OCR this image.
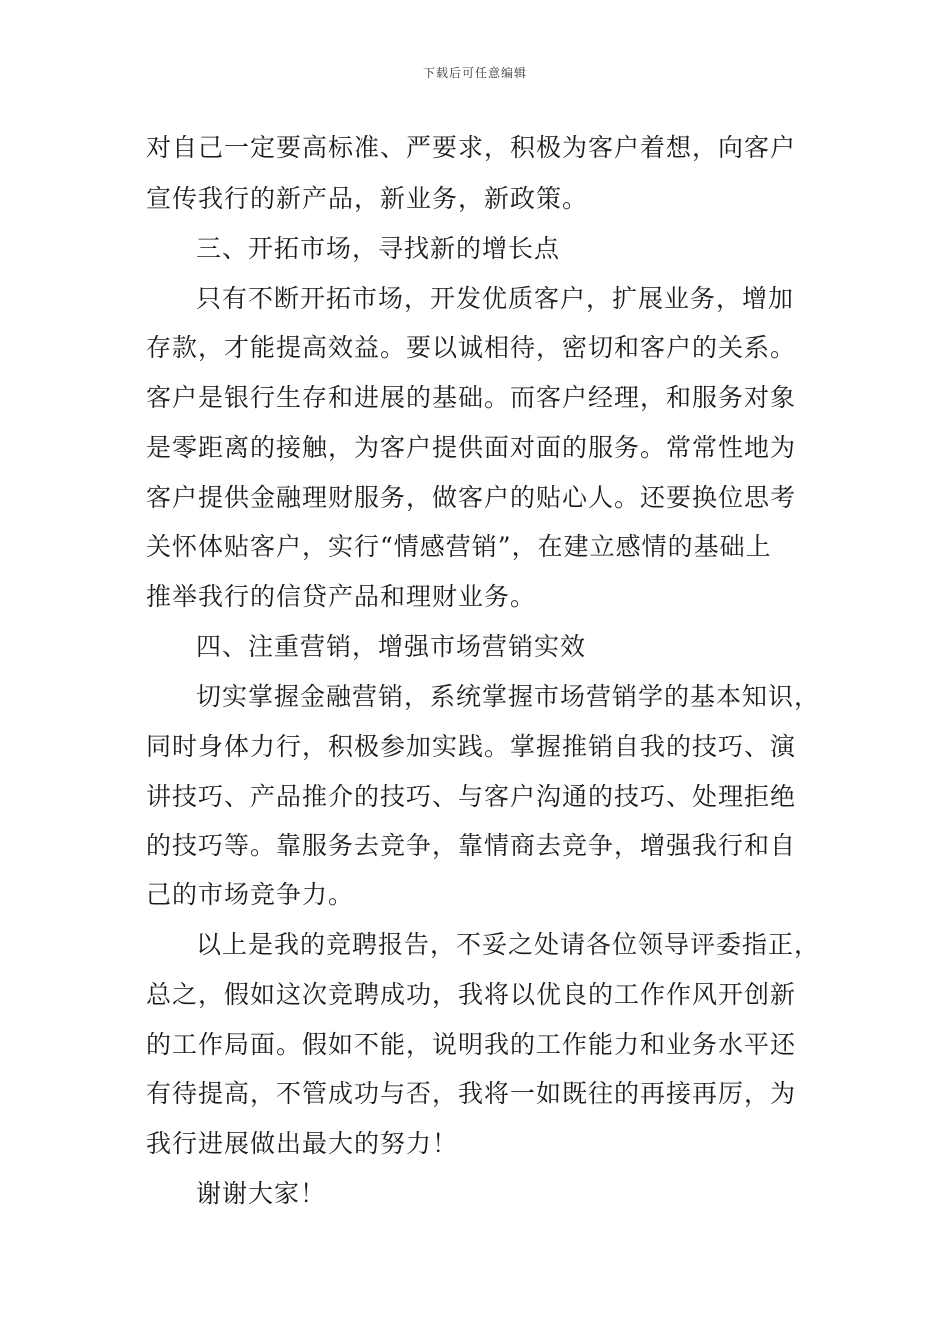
下载后可任意编辑
对自己一定要高标准、严要求，积极为客户着想，向客户
宣传我行的新产品，新业务，新政策。
三、开拓市场，寻找新的增长点
只有不断开拓市场，开发优质客户，扩展业务，增加
存款，才能提高效益。要以诚相待，密切和客户的关系。
客户是银行生存和进展的基础。而客户经理，和服务对象
是零距离的接触，为客户提供面对面的服务。常常性地为
客户提供金融理财服务，做客户的贴心人。还要换位思考
关怀体贴客户，实行“情感营销”，在建立感情的基础上
推举我行的信贷产品和理财业务。
四、注重营销，增强市场营销实效
切实掌握金融营销，系统掌握市场营销学的基本知识，
同时身体力行，积极参加实践。掌握推销自我的技巧、演
讲技巧、产品推介的技巧、与客户沟通的技巧、处理拒绝
的技巧等。靠服务去竞争，靠情商去竞争，增强我行和自
己的市场竞争力。
以上是我的竞聘报告，不妥之处请各位领导评委指正，
总之，假如这次竞聘成功，我将以优良的工作作风开创新
的工作局面。假如不能，说明我的工作能力和业务水平还
有待提高，不管成功与否，我将一如既往的再接再厉，为
我行进展做出最大的努力！
谢谢大家！
